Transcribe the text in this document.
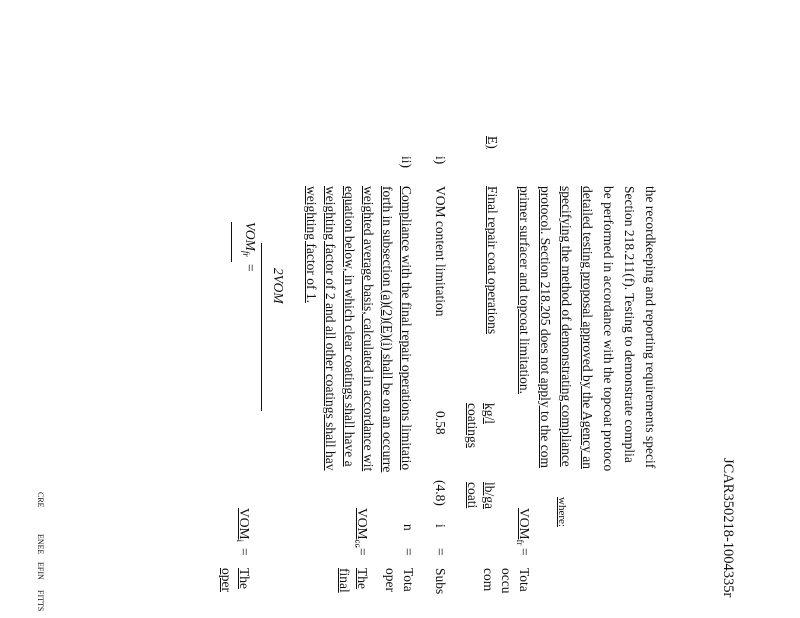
JCAR350218-1004335r
the recordkeeping and reporting requirements specif
Section 218.211(f). Testing to demonstrate complia
be performed in accordance with the topcoat protoco
detailed testing proposal approved by the Agency an
specifying the method of demonstrating compliance
protocol. Section 218.205 does not apply to the com
primer surfacer and topcoat limitation.
where:
E)
Final repair coat operations
kg/l
coatings
lb/ga
coati
i)
VOM content limitation
0.58
(4.8)
ii)
Compliance with the final repair operations limitatio
forth in subsection (a)(2)(E)(i) shall be on an occurre
weighted average basis, calculated in accordance wit
equation below, in which clear coatings shall have a
weighting factor of 2 and all other coatings shall hav
weighting factor of 1.
2VOM
$VOM_{fr}$
=
$VOM_{fr}$
=
Tota
occu
com
i
=
Subs
n
=
Tota
oper
$VOM_{cc}$
=
The
final
$VOM_i$
=
The
oper
CRE
ENEE
EFIN
FITTS
